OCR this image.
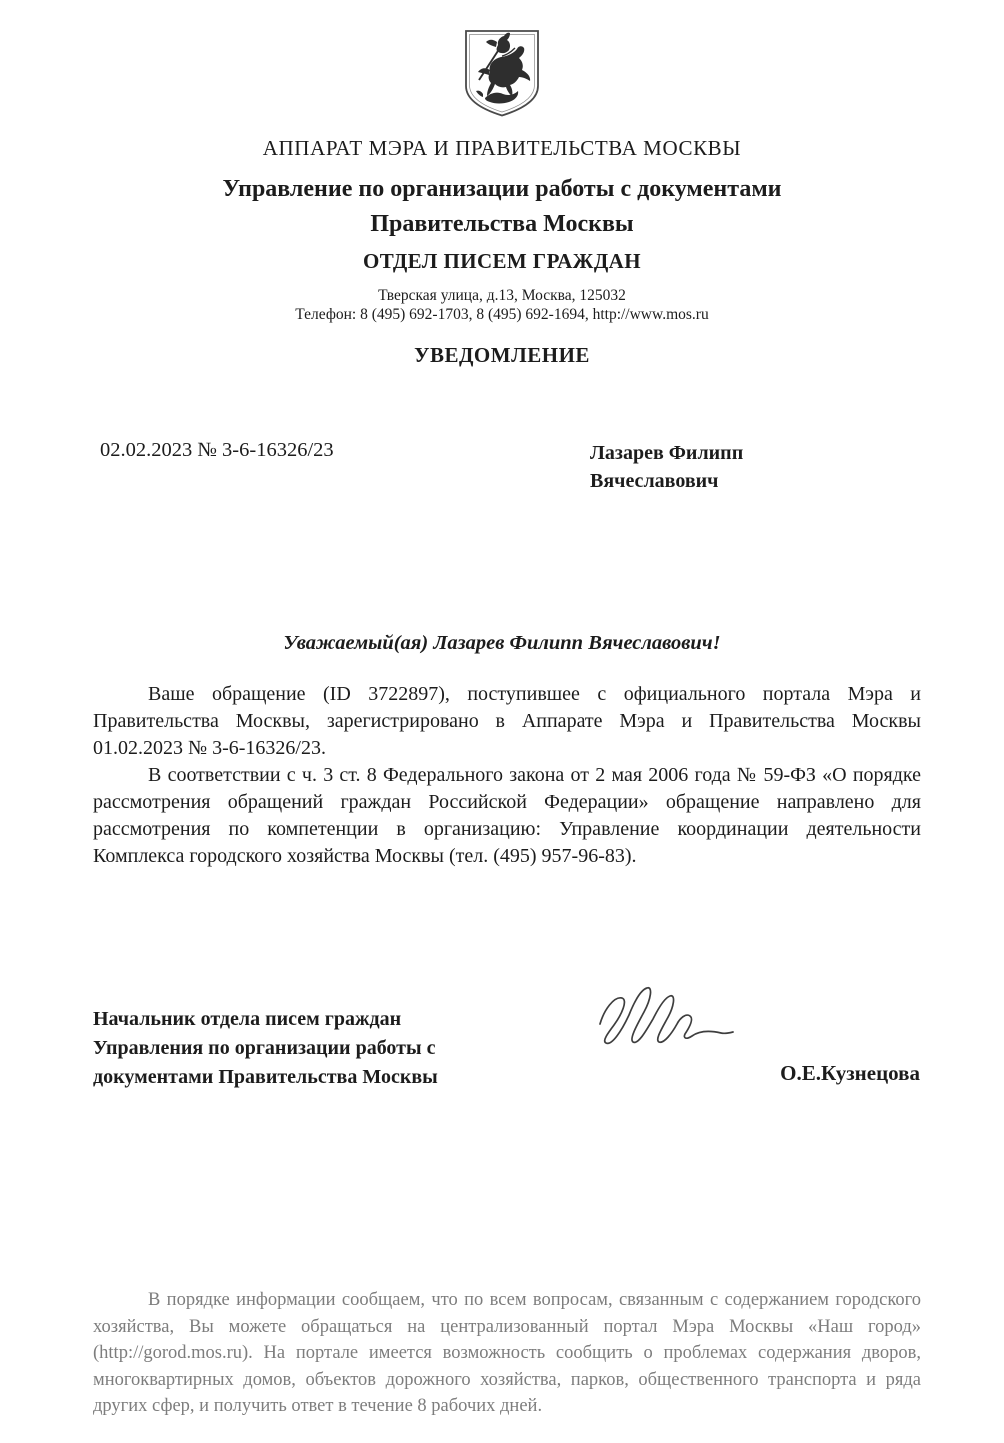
АППАРАТ МЭРА И ПРАВИТЕЛЬСТВА МОСКВЫ
Управление по организации работы с документами
Правительства Москвы
ОТДЕЛ ПИСЕМ ГРАЖДАН
Тверская улица, д.13, Москва, 125032
Телефон: 8 (495) 692-1703, 8 (495) 692-1694, http://www.mos.ru
УВЕДОМЛЕНИЕ
02.02.2023 № 3-6-16326/23	Лазарев Филипп
Вячеславович
Уважаемый(ая) Лазарев Филипп Вячеславович!

Ваше обращение (ID 3722897), поступившее с официального портала Мэра и Правительства Москвы, зарегистрировано в Аппарате Мэра и Правительства Москвы 01.02.2023 № 3-6-16326/23.

В соответствии с ч. 3 ст. 8 Федерального закона от 2 мая 2006 года № 59-ФЗ «О порядке рассмотрения обращений граждан Российской Федерации» обращение направлено для рассмотрения по компетенции в организацию: Управление координации деятельности Комплекса городского хозяйства Москвы (тел. (495) 957-96-83).

Начальник отдела писем граждан
Управления по организации работы с
документами Правительства Москвы	О.Е.Кузнецова

В порядке информации сообщаем, что по всем вопросам, связанным с содержанием городского хозяйства, Вы можете обращаться на централизованный портал Мэра Москвы «Наш город» (http://gorod.mos.ru). На портале имеется возможность сообщить о проблемах содержания дворов, многоквартирных домов, объектов дорожного хозяйства, парков, общественного транспорта и ряда других сфер, и получить ответ в течение 8 рабочих дней.
